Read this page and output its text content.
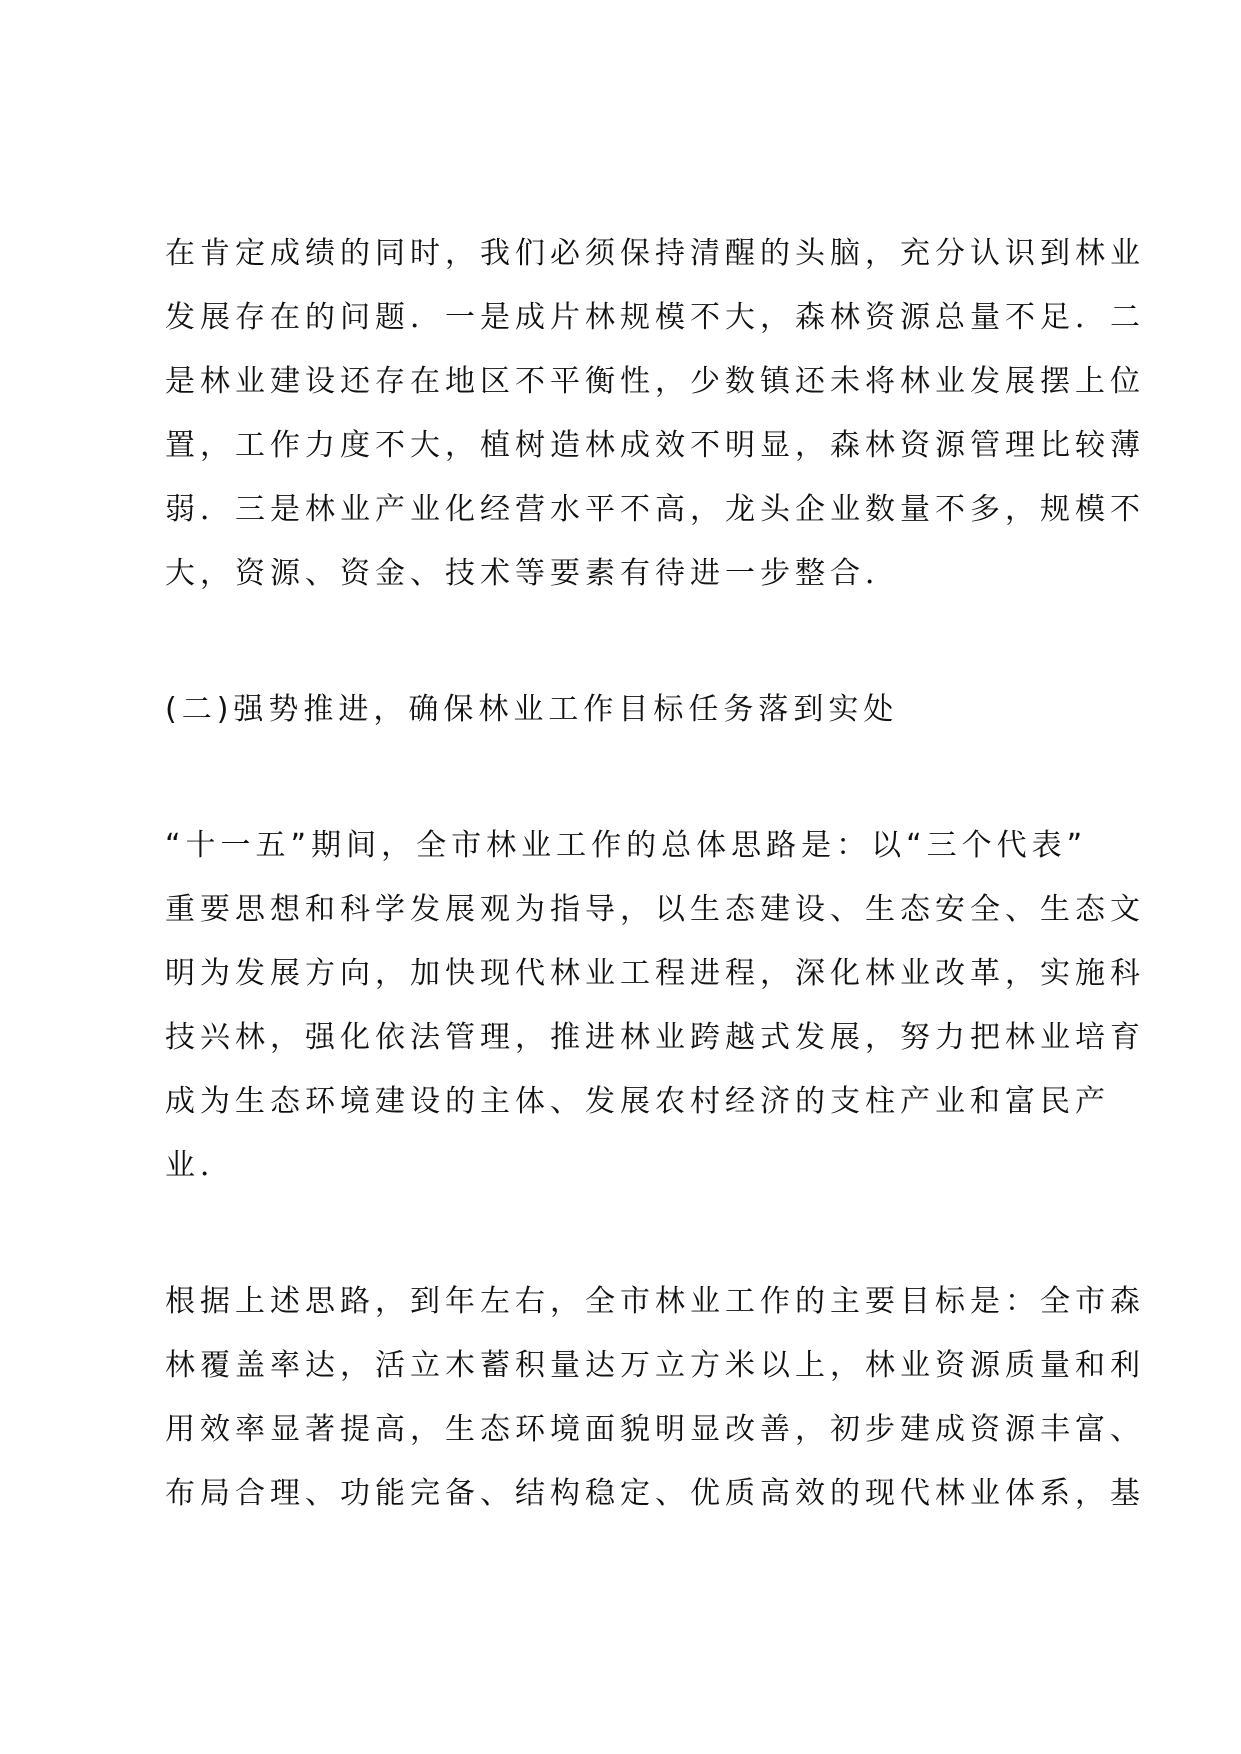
在肯定成绩的同时，我们必须保持清醒的头脑，充分认识到林业
发展存在的问题．一是成片林规模不大，森林资源总量不足．二
是林业建设还存在地区不平衡性，少数镇还未将林业发展摆上位
置，工作力度不大，植树造林成效不明显，森林资源管理比较薄
弱．三是林业产业化经营水平不高，龙头企业数量不多，规模不
大，资源、资金、技术等要素有待进一步整合．
(二)强势推进，确保林业工作目标任务落到实处
“十一五”期间，全市林业工作的总体思路是：以“三个代表”
重要思想和科学发展观为指导，以生态建设、生态安全、生态文
明为发展方向，加快现代林业工程进程，深化林业改革，实施科
技兴林，强化依法管理，推进林业跨越式发展，努力把林业培育
成为生态环境建设的主体、发展农村经济的支柱产业和富民产
业．
根据上述思路，到年左右，全市林业工作的主要目标是：全市森
林覆盖率达，活立木蓄积量达万立方米以上，林业资源质量和利
用效率显著提高，生态环境面貌明显改善，初步建成资源丰富、
布局合理、功能完备、结构稳定、优质高效的现代林业体系，基
